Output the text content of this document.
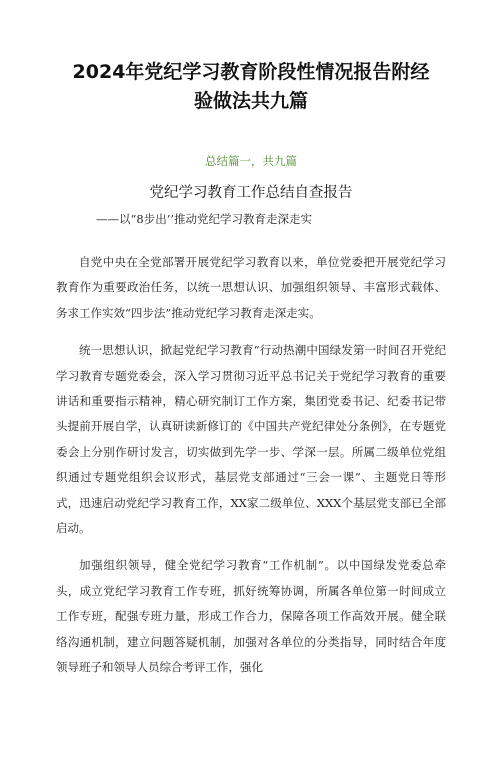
2024年党纪学习教育阶段性情况报告附经验做法共九篇
总结篇一，共九篇
党纪学习教育工作总结自查报告
——以“8步出’’推动党纪学习教育走深走实

自党中央在全党部署开展党纪学习教育以来，单位党委把开展党纪学习教育作为重要政治任务，以统一思想认识、加强组织领导、丰富形式载体、务求工作实效“四步法”推动党纪学习教育走深走实。

统一思想认识，掀起党纪学习教育“行动热潮中国绿发第一时间召开党纪学习教育专题党委会，深入学习贯彻习近平总书记关于党纪学习教育的重要讲话和重要指示精神，精心研究制订工作方案，集团党委书记、纪委书记带头提前开展自学，认真研读新修订的《中国共产党纪律处分条例》，在专题党委会上分别作研讨发言，切实做到先学一步、学深一层。所属二级单位党组织通过专题党组织会议形式，基层党支部通过“三会一课”、主题党日等形式，迅速启动党纪学习教育工作，XX家二级单位、XXX个基层党支部已全部启动。

加强组织领导，健全党纪学习教育“工作机制”。以中国绿发党委总牵头，成立党纪学习教育工作专班，抓好统筹协调，所属各单位第一时间成立工作专班，配强专班力量，形成工作合力，保障各项工作高效开展。健全联络沟通机制，建立问题答疑机制，加强对各单位的分类指导，同时结合年度领导班子和领导人员综合考评工作，强化
